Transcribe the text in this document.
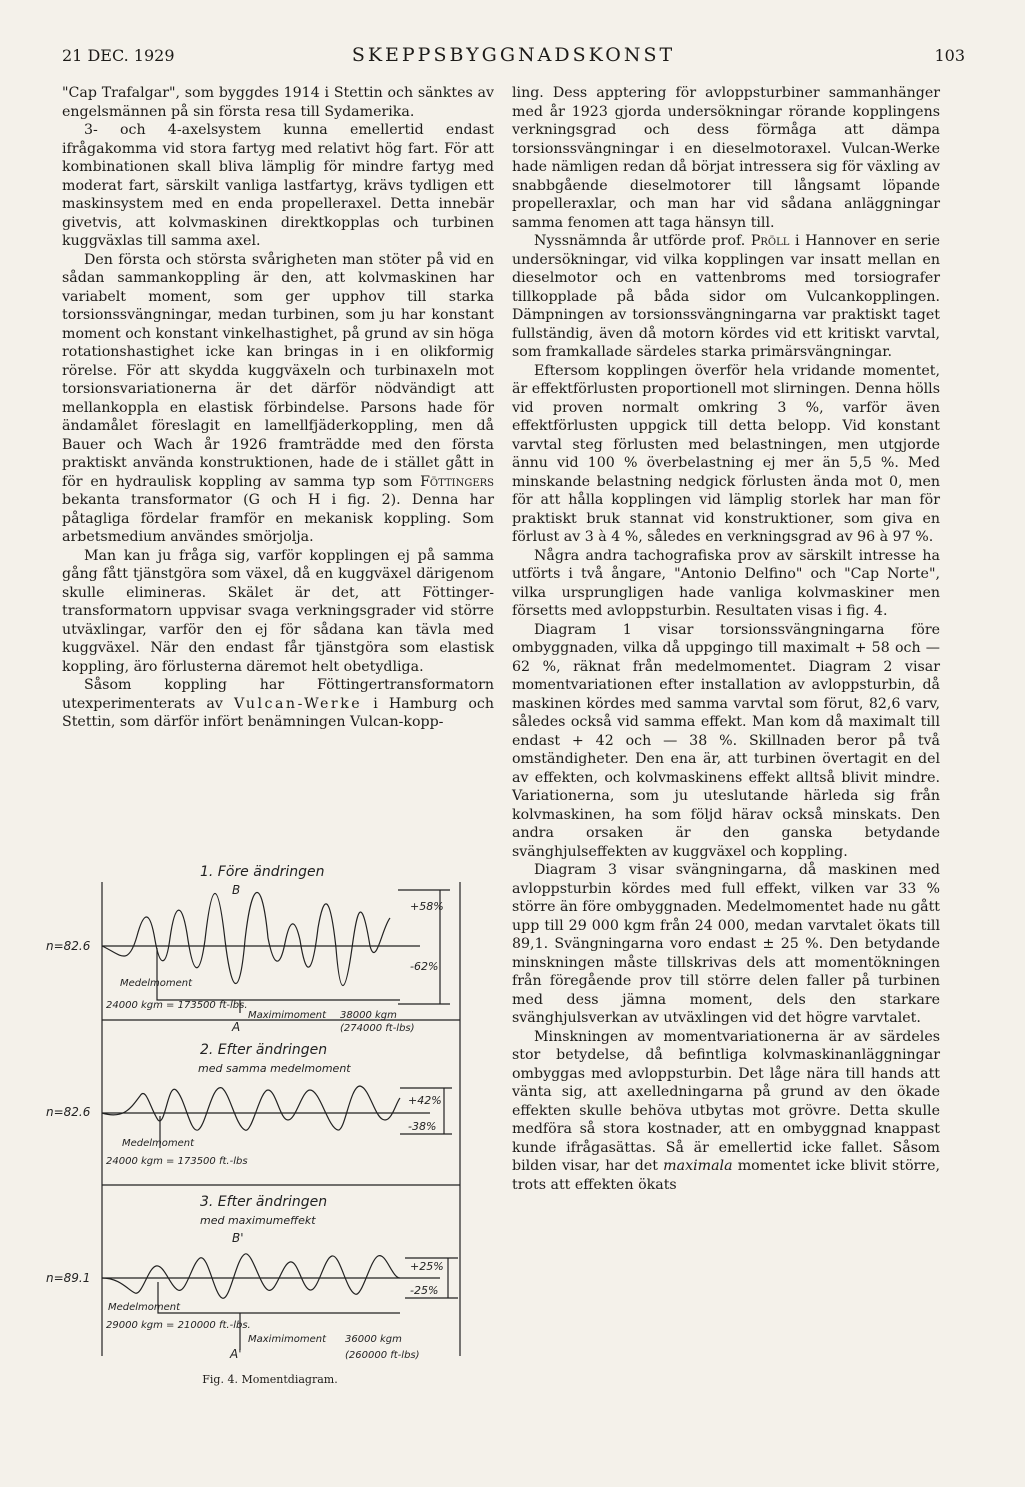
21 DEC. 1929	SKEPPSBYGGNADSKONST	103

"Cap Trafalgar", som byggdes 1914 i Stettin och sänktes av engelsmännen på sin första resa till Sydamerika.

3- och 4-axelsystem kunna emellertid endast ifrågakomma vid stora fartyg med relativt hög fart. För att kombinationen skall bliva lämplig för mindre fartyg med moderat fart, särskilt vanliga lastfartyg, krävs tydligen ett maskinsystem med en enda propelleraxel. Detta innebär givetvis, att kolvmaskinen direktkopplas och turbinen kuggväxlas till samma axel.

Den första och största svårigheten man stöter på vid en sådan sammankoppling är den, att kolvmaskinen har variabelt moment, som ger upphov till starka torsionssvängningar, medan turbinen, som ju har konstant moment och konstant vinkelhastighet, på grund av sin höga rotationshastighet icke kan bringas in i en olikformig rörelse. För att skydda kuggväxeln och turbinaxeln mot torsionsvariationerna är det därför nödvändigt att mellankoppla en elastisk förbindelse. Parsons hade för ändamålet föreslagit en lamellfjäderkoppling, men då Bauer och Wach år 1926 framträdde med den första praktiskt använda konstruktionen, hade de i stället gått in för en hydraulisk koppling av samma typ som Föttingers bekanta transformator (G och H i fig. 2). Denna har påtagliga fördelar framför en mekanisk koppling. Som arbetsmedium användes smörjolja.

Man kan ju fråga sig, varför kopplingen ej på samma gång fått tjänstgöra som växel, då en kuggväxel därigenom skulle elimineras. Skälet är det, att Föttinger-transformatorn uppvisar svaga verkningsgrader vid större utväxlingar, varför den ej för sådana kan tävla med kuggväxel. När den endast får tjänstgöra som elastisk koppling, äro förlusterna däremot helt obetydliga.

Såsom koppling har Föttingertransformatorn utexperimenterats av Vulcan-Werke i Hamburg och Stettin, som därför infört benämningen Vulcan-kopp-

1. Före ändringen
B
n=82.6
+58%
-62%
Medelmoment
24000 kgm = 173500 ft-lbs.
Maximimoment 38000 kgm
(274000 ft-lbs)
A
2. Efter ändringen
med samma medelmoment
n=82.6
+42%
-38%
Medelmoment
24000 kgm = 173500 ft.-lbs
3. Efter ändringen
med maximumeffekt
B'
n=89.1
+25%
-25%
Medelmoment
29000 kgm = 210000 ft.-lbs.
Maximimoment 36000 kgm
(260000 ft-lbs)
A'
Fig. 4. Momentdiagram.

ling. Dess apptering för avloppsturbiner sammanhänger med år 1923 gjorda undersökningar rörande kopplingens verkningsgrad och dess förmåga att dämpa torsionssvängningar i en dieselmotoraxel. Vulcan-Werke hade nämligen redan då börjat intressera sig för växling av snabbgående dieselmotorer till långsamt löpande propelleraxlar, och man har vid sådana anläggningar samma fenomen att taga hänsyn till.

Nyssnämnda år utförde prof. Pröll i Hannover en serie undersökningar, vid vilka kopplingen var insatt mellan en dieselmotor och en vattenbroms med torsiografer tillkopplade på båda sidor om Vulcankopplingen. Dämpningen av torsionssvängningarna var praktiskt taget fullständig, även då motorn kördes vid ett kritiskt varvtal, som framkallade särdeles starka primärsvängningar.

Eftersom kopplingen överför hela vridande momentet, är effektförlusten proportionell mot slirningen. Denna hölls vid proven normalt omkring 3 %, varför även effektförlusten uppgick till detta belopp. Vid konstant varvtal steg förlusten med belastningen, men utgjorde ännu vid 100 % överbelastning ej mer än 5,5 %. Med minskande belastning nedgick förlusten ända mot 0, men för att hålla kopplingen vid lämplig storlek har man för praktiskt bruk stannat vid konstruktioner, som giva en förlust av 3 à 4 %, således en verkningsgrad av 96 à 97 %.

Några andra tachografiska prov av särskilt intresse ha utförts i två ångare, "Antonio Delfino" och "Cap Norte", vilka ursprungligen hade vanliga kolvmaskiner men försetts med avloppsturbin. Resultaten visas i fig. 4.

Diagram 1 visar torsionssvängningarna före ombyggnaden, vilka då uppgingo till maximalt + 58 och — 62 %, räknat från medelmomentet. Diagram 2 visar momentvariationen efter installation av avloppsturbin, då maskinen kördes med samma varvtal som förut, 82,6 varv, således också vid samma effekt. Man kom då maximalt till endast + 42 och — 38 %. Skillnaden beror på två omständigheter. Den ena är, att turbinen övertagit en del av effekten, och kolvmaskinens effekt alltså blivit mindre. Variationerna, som ju uteslutande härleda sig från kolvmaskinen, ha som följd härav också minskats. Den andra orsaken är den ganska betydande svänghjulseffekten av kuggväxel och koppling.

Diagram 3 visar svängningarna, då maskinen med avloppsturbin kördes med full effekt, vilken var 33 % större än före ombyggnaden. Medelmomentet hade nu gått upp till 29 000 kgm från 24 000, medan varvtalet ökats till 89,1. Svängningarna voro endast ± 25 %. Den betydande minskningen måste tillskrivas dels att momentökningen från föregående prov till större delen faller på turbinen med dess jämna moment, dels den starkare svänghjulsverkan av utväxlingen vid det högre varvtalet.

Minskningen av momentvariationerna är av särdeles stor betydelse, då befintliga kolvmaskinanläggningar ombyggas med avloppsturbin. Det låge nära till hands att vänta sig, att axelledningarna på grund av den ökade effekten skulle behöva utbytas mot grövre. Detta skulle medföra så stora kostnader, att en ombyggnad knappast kunde ifrågasättas. Så är emellertid icke fallet. Såsom bilden visar, har det maximala momentet icke blivit större, trots att effekten ökats
